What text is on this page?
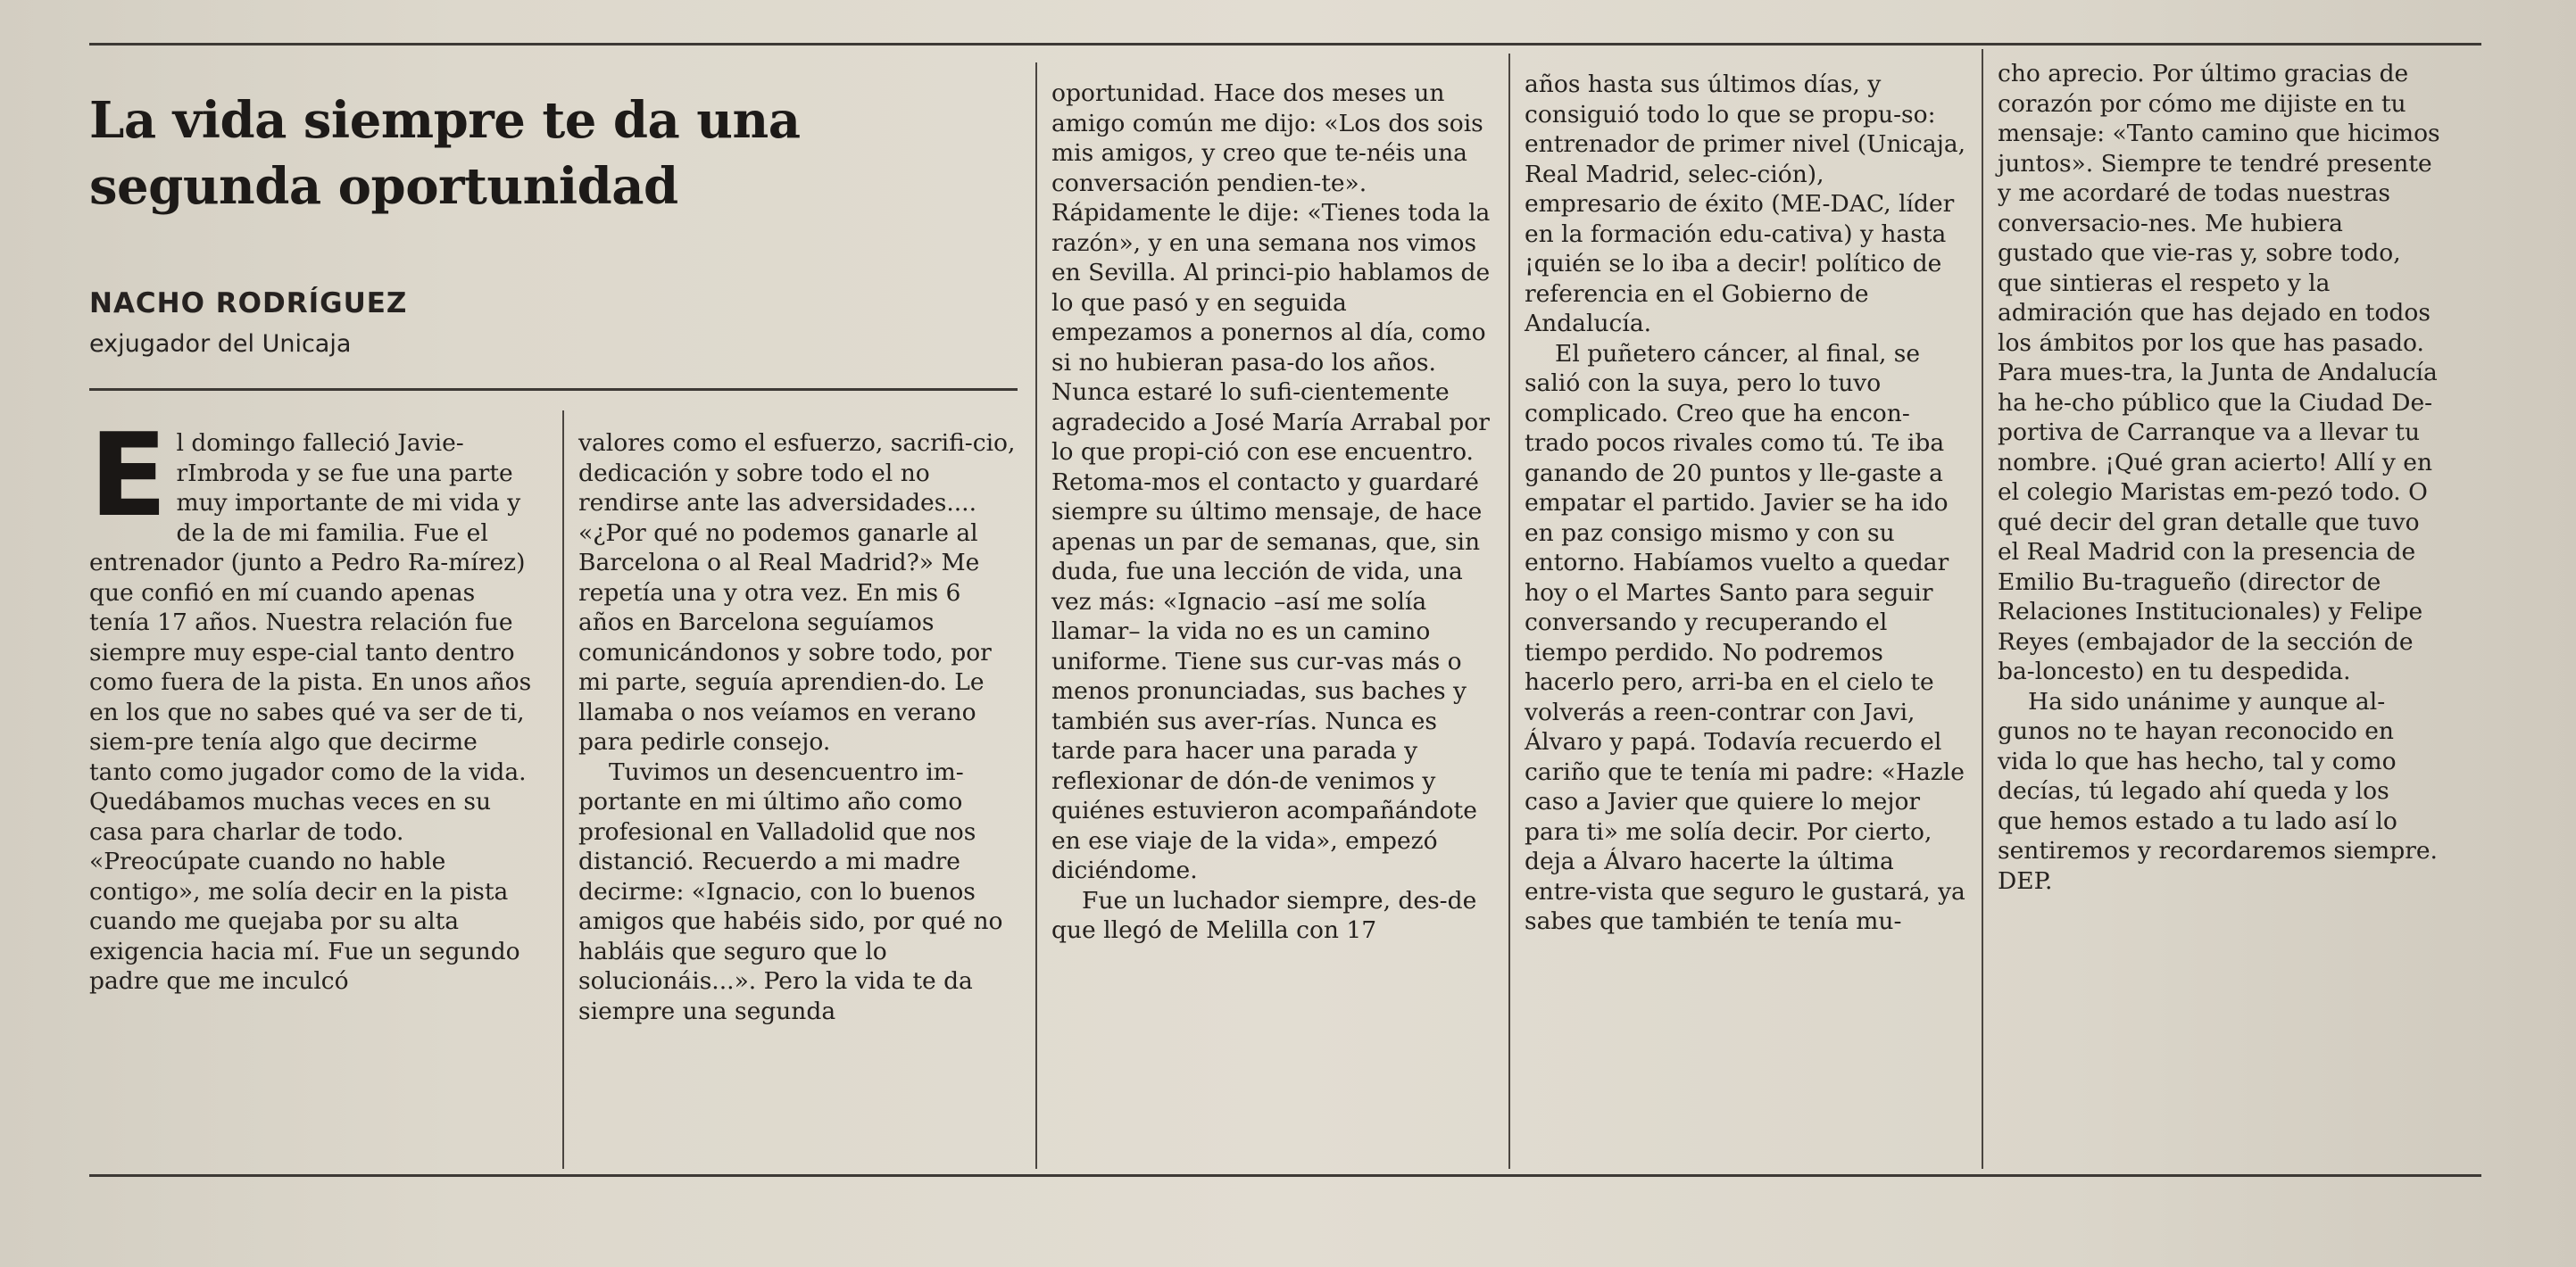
La vida siempre te da una
segunda oportunidad
NACHO RODRÍGUEZ
exjugador del Unicaja

El domingo falleció Javie-rImbroda y se fue una parte muy importante de mi vida y de la de mi familia. Fue el entrenador (junto a Pedro Ra-mírez) que confió en mí cuando apenas tenía 17 años. Nuestra relación fue siempre muy espe-cial tanto dentro como fuera de la pista. En unos años en los que no sabes qué va ser de ti, siem-pre tenía algo que decirme tanto como jugador como de la vida. Quedábamos muchas veces en su casa para charlar de todo. «Preocúpate cuando no hable contigo», me solía decir en la pista cuando me quejaba por su alta exigencia hacia mí. Fue un segundo padre que me inculcó

valores como el esfuerzo, sacrifi-cio, dedicación y sobre todo el no rendirse ante las adversidades.... «¿Por qué no podemos ganarle al Barcelona o al Real Madrid?» Me repetía una y otra vez. En mis 6 años en Barcelona seguíamos comunicándonos y sobre todo, por mi parte, seguía aprendien-do. Le llamaba o nos veíamos en verano para pedirle consejo.

Tuvimos un desencuentro im-portante en mi último año como profesional en Valladolid que nos distanció. Recuerdo a mi madre decirme: «Ignacio, con lo buenos amigos que habéis sido, por qué no habláis que seguro que lo solucionáis...». Pero la vida te da siempre una segunda

oportunidad. Hace dos meses un amigo común me dijo: «Los dos sois mis amigos, y creo que te-néis una conversación pendien-te». Rápidamente le dije: «Tienes toda la razón», y en una semana nos vimos en Sevilla. Al princi-pio hablamos de lo que pasó y en seguida empezamos a ponernos al día, como si no hubieran pasa-do los años. Nunca estaré lo sufi-cientemente agradecido a José María Arrabal por lo que propi-ció con ese encuentro. Retoma-mos el contacto y guardaré siempre su último mensaje, de hace apenas un par de semanas, que, sin duda, fue una lección de vida, una vez más: «Ignacio –así me solía llamar– la vida no es un camino uniforme. Tiene sus cur-vas más o menos pronunciadas, sus baches y también sus aver-rías. Nunca es tarde para hacer una parada y reflexionar de dón-de venimos y quiénes estuvieron acompañándote en ese viaje de la vida», empezó diciéndome.

Fue un luchador siempre, des-de que llegó de Melilla con 17

años hasta sus últimos días, y consiguió todo lo que se propu-so: entrenador de primer nivel (Unicaja, Real Madrid, selec-ción), empresario de éxito (ME-DAC, líder en la formación edu-cativa) y hasta ¡quién se lo iba a decir! político de referencia en el Gobierno de Andalucía.

El puñetero cáncer, al final, se salió con la suya, pero lo tuvo complicado. Creo que ha encon-trado pocos rivales como tú. Te iba ganando de 20 puntos y lle-gaste a empatar el partido. Javier se ha ido en paz consigo mismo y con su entorno. Habíamos vuelto a quedar hoy o el Martes Santo para seguir conversando y recuperando el tiempo perdido. No podremos hacerlo pero, arri-ba en el cielo te volverás a reen-contrar con Javi, Álvaro y papá. Todavía recuerdo el cariño que te tenía mi padre: «Hazle caso a Javier que quiere lo mejor para ti» me solía decir. Por cierto, deja a Álvaro hacerte la última entre-vista que seguro le gustará, ya sabes que también te tenía mu-

cho aprecio. Por último gracias de corazón por cómo me dijiste en tu mensaje: «Tanto camino que hicimos juntos». Siempre te tendré presente y me acordaré de todas nuestras conversacio-nes. Me hubiera gustado que vie-ras y, sobre todo, que sintieras el respeto y la admiración que has dejado en todos los ámbitos por los que has pasado. Para mues-tra, la Junta de Andalucía ha he-cho público que la Ciudad De-portiva de Carranque va a llevar tu nombre. ¡Qué gran acierto! Allí y en el colegio Maristas em-pezó todo. O qué decir del gran detalle que tuvo el Real Madrid con la presencia de Emilio Bu-tragueño (director de Relaciones Institucionales) y Felipe Reyes (embajador de la sección de ba-loncesto) en tu despedida.

Ha sido unánime y aunque al-gunos no te hayan reconocido en vida lo que has hecho, tal y como decías, tú legado ahí queda y los que hemos estado a tu lado así lo sentiremos y recordaremos siempre. DEP.
